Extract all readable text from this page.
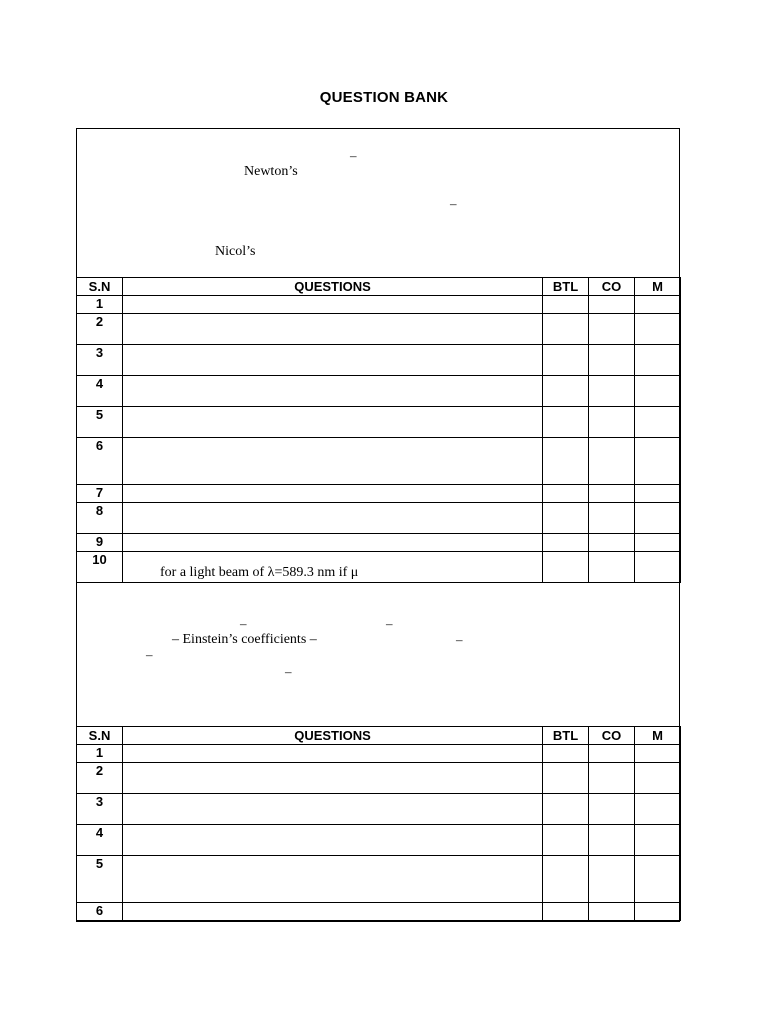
QUESTION BANK
–
Newton’s
–
Nicol’s
S.N	QUESTIONS	BTL	CO	M
1				
2				
3				
4				
5				
6				
7				
8				
9				
10	for a light beam of λ=589.3 nm if μ			

–	–
– Einstein’s coefficients –	–
–
–
S.N	QUESTIONS	BTL	CO	M
1				
2				
3				
4				
5				
6				
